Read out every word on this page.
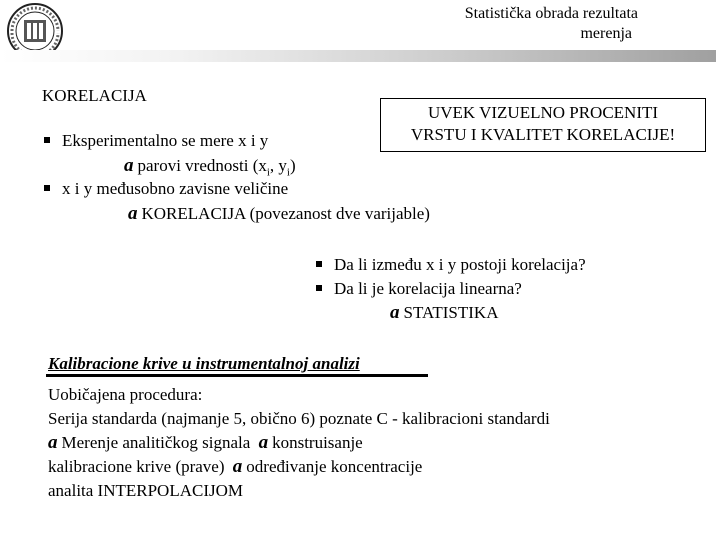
Statistička obrada rezultata
merenja
KORELACIJA
UVEK VIZUELNO PROCENITI
VRSTU I KVALITET KORELACIJE!
Eksperimentalno se mere x i y
a parovi vrednosti ($x_i$, $y_i$)
x i y međusobno zavisne veličine
a KORELACIJA (povezanost dve varijable)
Da li između x i y postoji korelacija?
Da li je korelacija linearna?
a STATISTIKA
Kalibracione krive u instrumentalnoj analizi
Uobičajena procedura:
Serija standarda (najmanje 5, obično 6) poznate C - kalibracioni standardi
a Merenje analitičkog signala a konstruisanje
kalibracione krive (prave) a određivanje koncentracije
analita INTERPOLACIJOM
